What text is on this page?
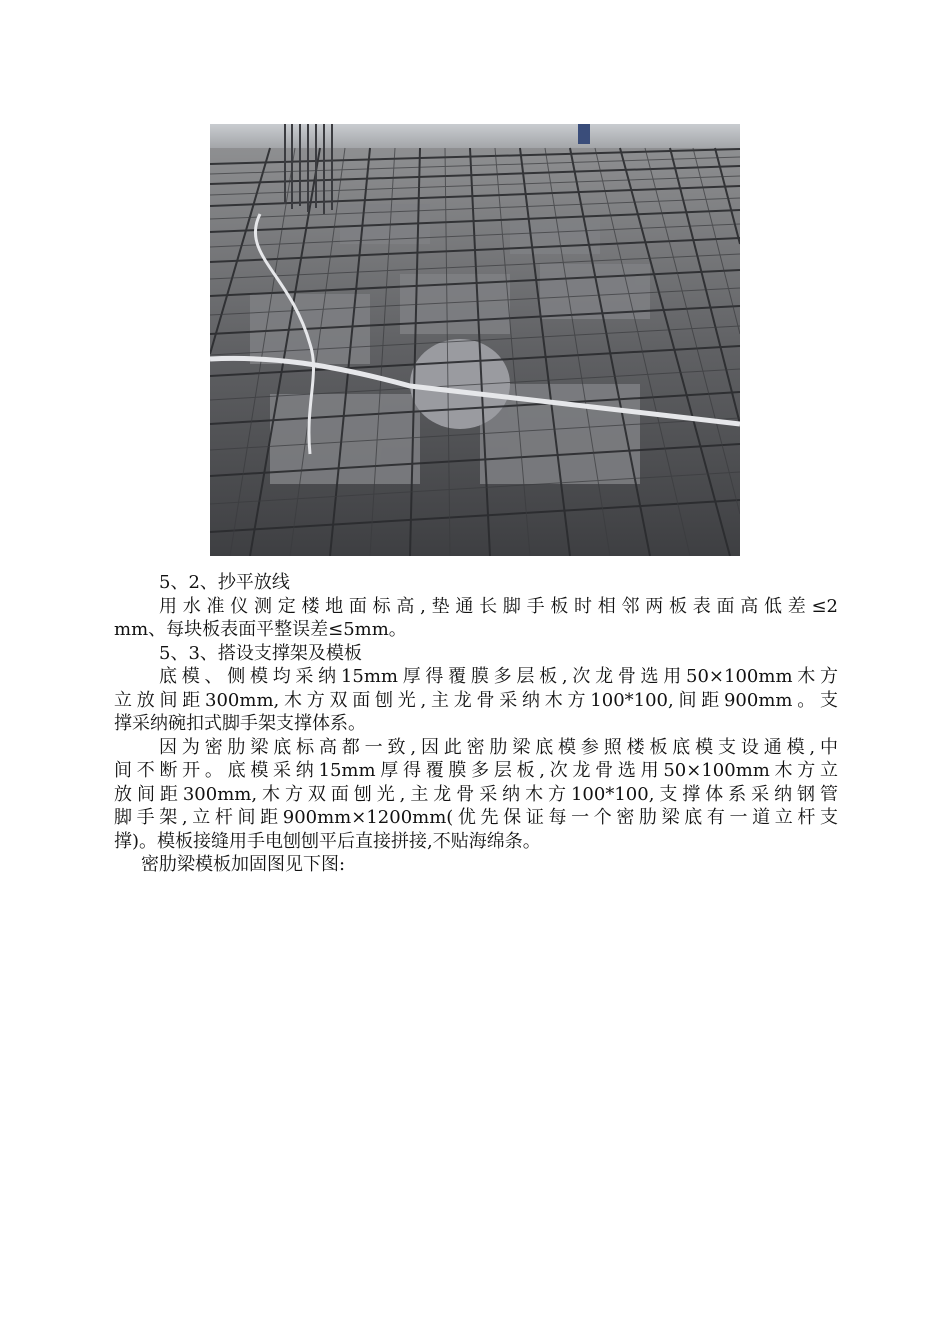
5、2、抄平放线
用水准仪测定楼地面标高,垫通长脚手板时相邻两板表面高低差≤2
mm、每块板表面平整误差≤5mm。
5、3、搭设支撑架及模板
底模、侧模均采纳15mm厚得覆膜多层板,次龙骨选用50×100mm木方
立放间距300mm,木方双面刨光,主龙骨采纳木方100*100,间距900mm。支
撑采纳碗扣式脚手架支撑体系。
因为密肋梁底标高都一致,因此密肋梁底模参照楼板底模支设通模,中
间不断开。底模采纳15mm厚得覆膜多层板,次龙骨选用50×100mm木方立
放间距300mm,木方双面刨光,主龙骨采纳木方100*100,支撑体系采纳钢管
脚手架,立杆间距900mm×1200mm(优先保证每一个密肋梁底有一道立杆支
撑)。模板接缝用手电刨刨平后直接拼接,不贴海绵条。
密肋梁模板加固图见下图:
